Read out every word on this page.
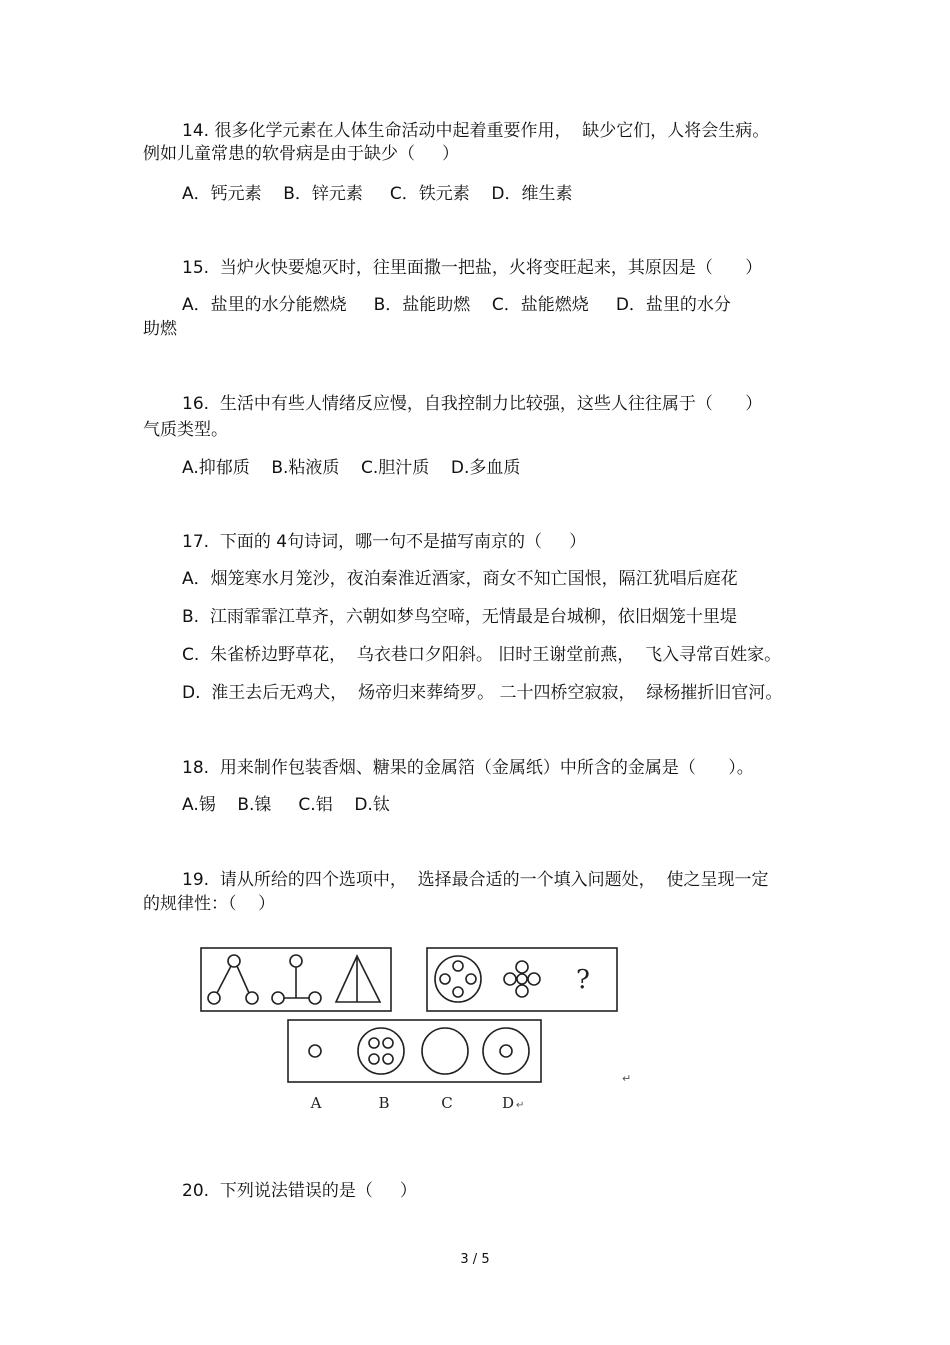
14. 很多化学元素在人体生命活动中起着重要作用，  缺少它们，人将会生病。
例如儿童常患的软骨病是由于缺少（     ）
A．钙元素    B．锌元素     C．铁元素    D．维生素
15.  当炉火快要熄灭时，往里面撒一把盐，火将变旺起来，其原因是（      ）
A．盐里的水分能燃烧     B．盐能助燃    C．盐能燃烧     D．盐里的水分
助燃
16.  生活中有些人情绪反应慢，自我控制力比较强，这些人往往属于（      ）
气质类型。
A.抑郁质    B.粘液质    C.胆汁质    D.多血质
17.  下面的 4句诗词，哪一句不是描写南京的（     ）
A．烟笼寒水月笼沙，夜泊秦淮近酒家，商女不知亡国恨，隔江犹唱后庭花
B.  江雨霏霏江草齐，六朝如梦鸟空啼，无情最是台城柳，依旧烟笼十里堤
C.  朱雀桥边野草花，  乌衣巷口夕阳斜。 旧时王谢堂前燕，  飞入寻常百姓家。
D.  淮王去后无鸡犬，  炀帝归来葬绮罗。 二十四桥空寂寂，  绿杨摧折旧官河。
18.  用来制作包装香烟、糖果的金属箔（金属纸）中所含的金属是（      ）。
A.锡    B.镍     C.铝    D.钛
19.  请从所给的四个选项中，  选择最合适的一个填入问题处，  使之呈现一定
的规律性：（    ）
?
↵
A	B	C	D ↵
20.  下列说法错误的是（     ）
3 / 5
